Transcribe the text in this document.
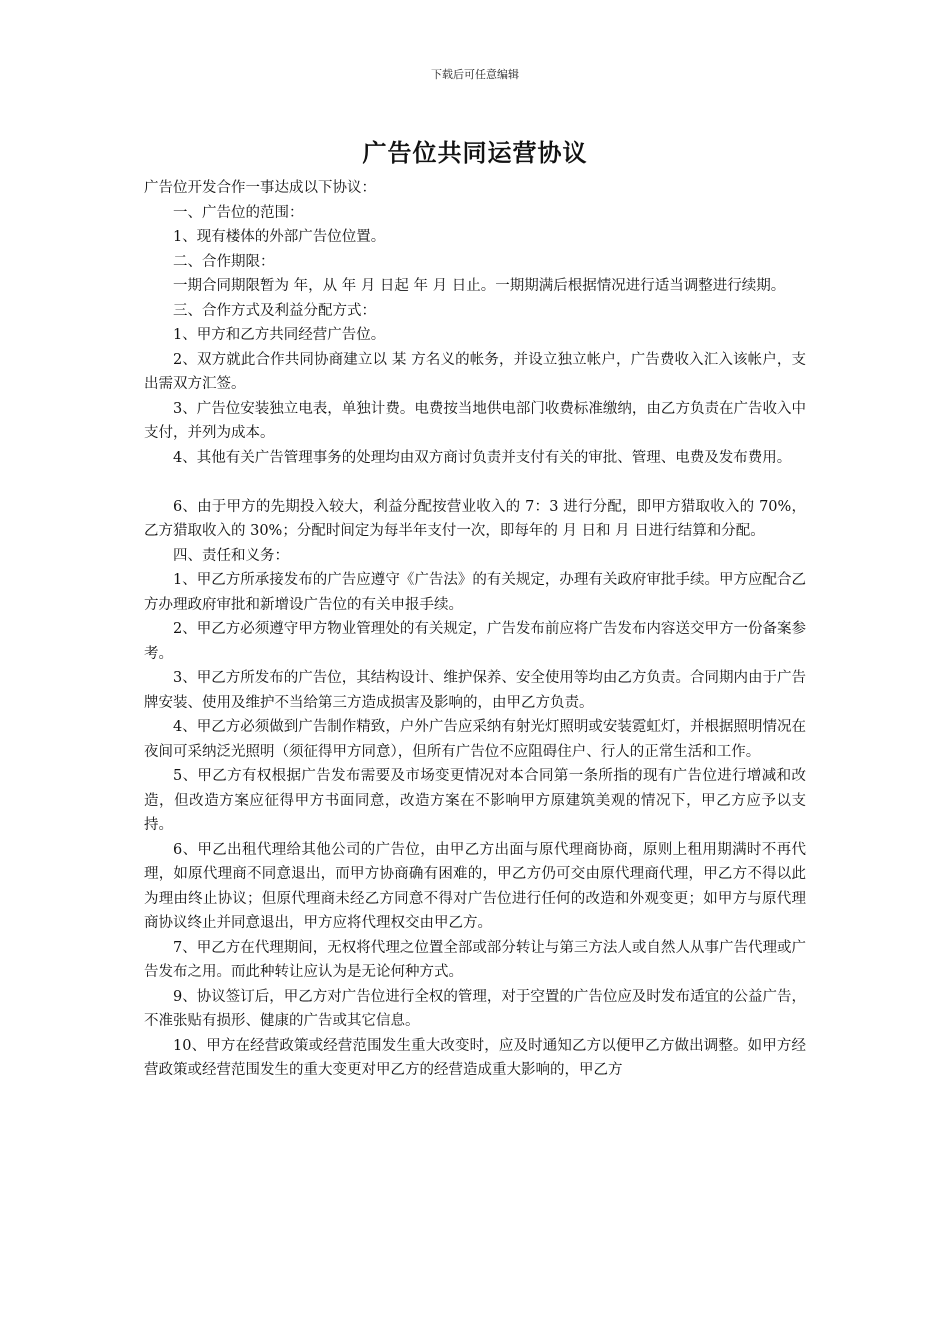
下载后可任意编辑
广告位共同运营协议

广告位开发合作一事达成以下协议：

一、广告位的范围：

1、现有楼体的外部广告位位置。

二、合作期限：

一期合同期限暂为 年，从 年 月 日起 年 月 日止。一期期满后根据情况进行适当调整进行续期。

三、合作方式及利益分配方式：

1、甲方和乙方共同经营广告位。

2、双方就此合作共同协商建立以 某 方名义的帐务，并设立独立帐户，广告费收入汇入该帐户，支出需双方汇签。

3、广告位安装独立电表，单独计费。电费按当地供电部门收费标准缴纳，由乙方负责在广告收入中支付，并列为成本。

4、其他有关广告管理事务的处理均由双方商讨负责并支付有关的审批、管理、电费及发布费用。

6、由于甲方的先期投入较大，利益分配按营业收入的 7：3 进行分配，即甲方猎取收入的 70%，乙方猎取收入的 30%；分配时间定为每半年支付一次，即每年的 月 日和 月 日进行结算和分配。

四、责任和义务：

1、甲乙方所承接发布的广告应遵守《广告法》的有关规定，办理有关政府审批手续。甲方应配合乙方办理政府审批和新增设广告位的有关申报手续。

2、甲乙方必须遵守甲方物业管理处的有关规定，广告发布前应将广告发布内容送交甲方一份备案参考。

3、甲乙方所发布的广告位，其结构设计、维护保养、安全使用等均由乙方负责。合同期内由于广告牌安装、使用及维护不当给第三方造成损害及影响的，由甲乙方负责。

4、甲乙方必须做到广告制作精致，户外广告应采纳有射光灯照明或安装霓虹灯，并根据照明情况在夜间可采纳泛光照明（须征得甲方同意），但所有广告位不应阻碍住户、行人的正常生活和工作。

5、甲乙方有权根据广告发布需要及市场变更情况对本合同第一条所指的现有广告位进行增减和改造，但改造方案应征得甲方书面同意，改造方案在不影响甲方原建筑美观的情况下，甲乙方应予以支持。

6、甲乙出租代理给其他公司的广告位，由甲乙方出面与原代理商协商，原则上租用期满时不再代理，如原代理商不同意退出，而甲方协商确有困难的，甲乙方仍可交由原代理商代理，甲乙方不得以此为理由终止协议；但原代理商未经乙方同意不得对广告位进行任何的改造和外观变更；如甲方与原代理商协议终止并同意退出，甲方应将代理权交由甲乙方。

7、甲乙方在代理期间，无权将代理之位置全部或部分转让与第三方法人或自然人从事广告代理或广告发布之用。而此种转让应认为是无论何种方式。

9、协议签订后，甲乙方对广告位进行全权的管理，对于空置的广告位应及时发布适宜的公益广告，不准张贴有损形、健康的广告或其它信息。

10、甲方在经营政策或经营范围发生重大改变时，应及时通知乙方以便甲乙方做出调整。如甲方经营政策或经营范围发生的重大变更对甲乙方的经营造成重大影响的，甲乙方
